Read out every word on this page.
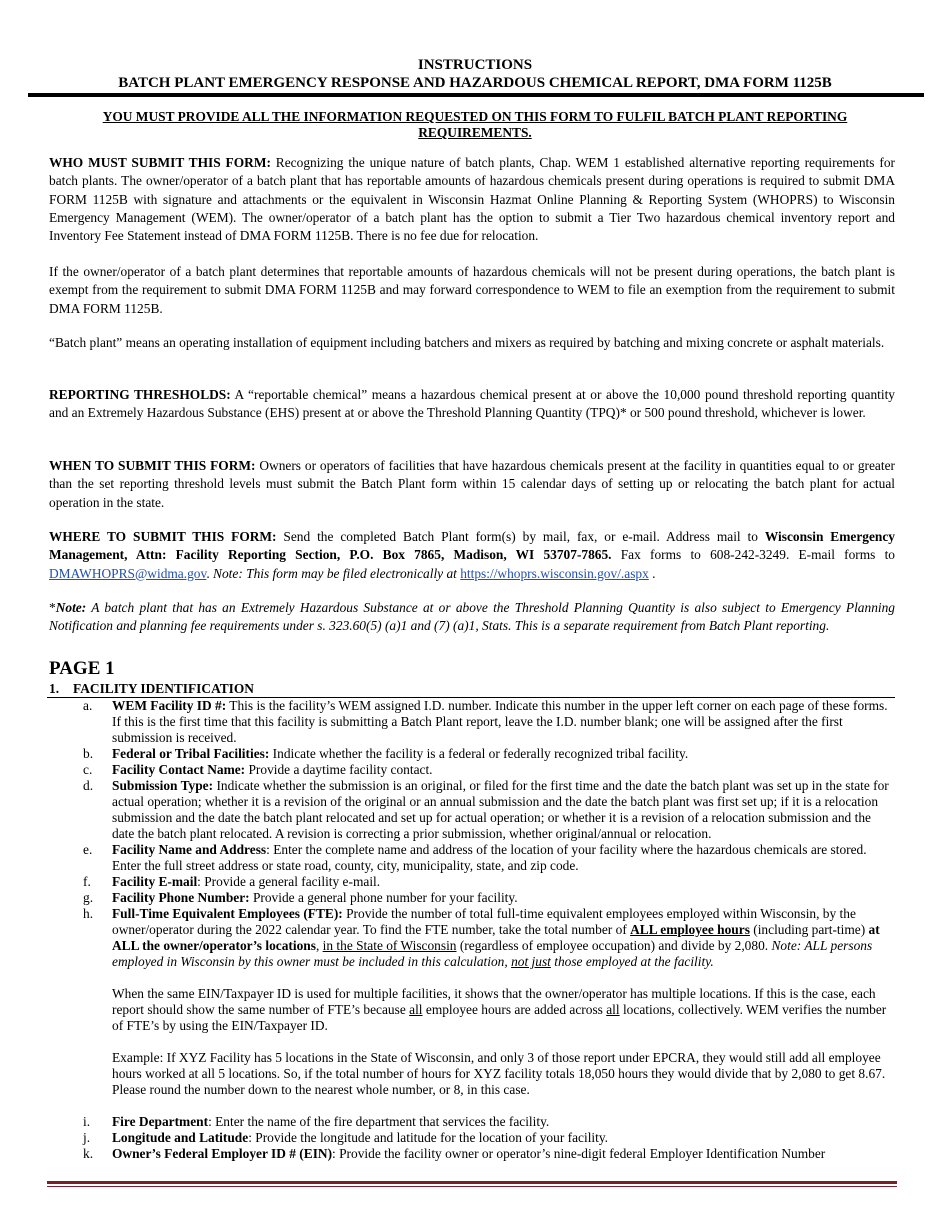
INSTRUCTIONS
BATCH PLANT EMERGENCY RESPONSE AND HAZARDOUS CHEMICAL REPORT, DMA FORM 1125B
YOU MUST PROVIDE ALL THE INFORMATION REQUESTED ON THIS FORM TO FULFIL BATCH PLANT REPORTING REQUIREMENTS.
WHO MUST SUBMIT THIS FORM: Recognizing the unique nature of batch plants, Chap. WEM 1 established alternative reporting requirements for batch plants. The owner/operator of a batch plant that has reportable amounts of hazardous chemicals present during operations is required to submit DMA FORM 1125B with signature and attachments or the equivalent in Wisconsin Hazmat Online Planning & Reporting System (WHOPRS) to Wisconsin Emergency Management (WEM). The owner/operator of a batch plant has the option to submit a Tier Two hazardous chemical inventory report and Inventory Fee Statement instead of DMA FORM 1125B. There is no fee due for relocation.
If the owner/operator of a batch plant determines that reportable amounts of hazardous chemicals will not be present during operations, the batch plant is exempt from the requirement to submit DMA FORM 1125B and may forward correspondence to WEM to file an exemption from the requirement to submit DMA FORM 1125B.
“Batch plant” means an operating installation of equipment including batchers and mixers as required by batching and mixing concrete or asphalt materials.
REPORTING THRESHOLDS: A “reportable chemical” means a hazardous chemical present at or above the 10,000 pound threshold reporting quantity and an Extremely Hazardous Substance (EHS) present at or above the Threshold Planning Quantity (TPQ)* or 500 pound threshold, whichever is lower.
WHEN TO SUBMIT THIS FORM: Owners or operators of facilities that have hazardous chemicals present at the facility in quantities equal to or greater than the set reporting threshold levels must submit the Batch Plant form within 15 calendar days of setting up or relocating the batch plant for actual operation in the state.
WHERE TO SUBMIT THIS FORM: Send the completed Batch Plant form(s) by mail, fax, or e-mail. Address mail to Wisconsin Emergency Management, Attn: Facility Reporting Section, P.O. Box 7865, Madison, WI 53707-7865. Fax forms to 608-242-3249. E-mail forms to DMAWHOPRS@widma.gov. Note: This form may be filed electronically at https://whoprs.wisconsin.gov/.aspx .
*Note: A batch plant that has an Extremely Hazardous Substance at or above the Threshold Planning Quantity is also subject to Emergency Planning Notification and planning fee requirements under s. 323.60(5) (a)1 and (7) (a)1, Stats. This is a separate requirement from Batch Plant reporting.
PAGE 1
1. FACILITY IDENTIFICATION
a. WEM Facility ID #: This is the facility’s WEM assigned I.D. number. Indicate this number in the upper left corner on each page of these forms. If this is the first time that this facility is submitting a Batch Plant report, leave the I.D. number blank; one will be assigned after the first submission is received.
b. Federal or Tribal Facilities: Indicate whether the facility is a federal or federally recognized tribal facility.
c. Facility Contact Name: Provide a daytime facility contact.
d. Submission Type: Indicate whether the submission is an original, or filed for the first time and the date the batch plant was set up in the state for actual operation; whether it is a revision of the original or an annual submission and the date the batch plant was first set up; if it is a relocation submission and the date the batch plant relocated and set up for actual operation; or whether it is a revision of a relocation submission and the date the batch plant relocated. A revision is correcting a prior submission, whether original/annual or relocation.
e. Facility Name and Address: Enter the complete name and address of the location of your facility where the hazardous chemicals are stored. Enter the full street address or state road, county, city, municipality, state, and zip code.
f. Facility E-mail: Provide a general facility e-mail.
g. Facility Phone Number: Provide a general phone number for your facility.
h. Full-Time Equivalent Employees (FTE): Provide the number of total full-time equivalent employees employed within Wisconsin, by the owner/operator during the 2022 calendar year. To find the FTE number, take the total number of ALL employee hours (including part-time) at ALL the owner/operator’s locations, in the State of Wisconsin (regardless of employee occupation) and divide by 2,080. Note: ALL persons employed in Wisconsin by this owner must be included in this calculation, not just those employed at the facility.
When the same EIN/Taxpayer ID is used for multiple facilities, it shows that the owner/operator has multiple locations. If this is the case, each report should show the same number of FTE’s because all employee hours are added across all locations, collectively. WEM verifies the number of FTE’s by using the EIN/Taxpayer ID.
Example: If XYZ Facility has 5 locations in the State of Wisconsin, and only 3 of those report under EPCRA, they would still add all employee hours worked at all 5 locations. So, if the total number of hours for XYZ facility totals 18,050 hours they would divide that by 2,080 to get 8.67. Please round the number down to the nearest whole number, or 8, in this case.
i. Fire Department: Enter the name of the fire department that services the facility.
j. Longitude and Latitude: Provide the longitude and latitude for the location of your facility.
k. Owner’s Federal Employer ID # (EIN): Provide the facility owner or operator’s nine-digit federal Employer Identification Number
